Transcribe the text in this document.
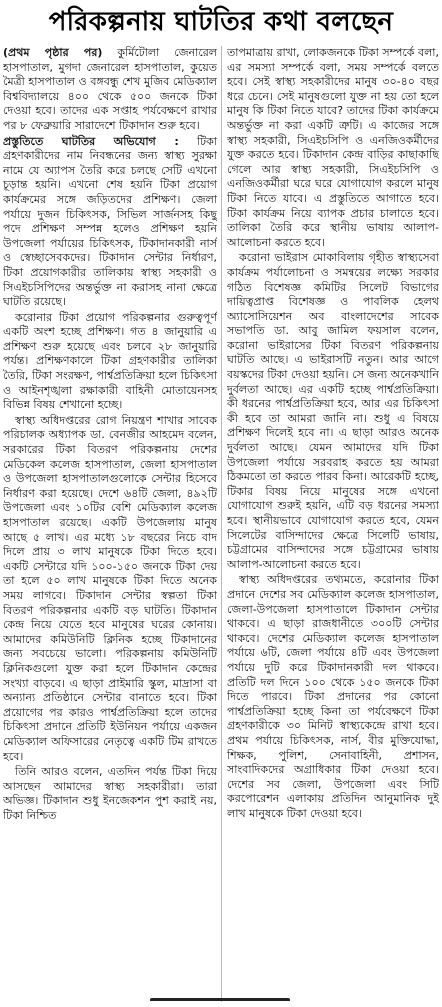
পরিকল্পনায় ঘাটতির কথা বলছেন

(প্রথম পৃষ্ঠার পর) কুর্মিটোলা জেনারেল হাসপাতাল, মুগদা জেনারেল হাসপাতাল, কুয়েত মৈত্রী হাসপাতাল ও বঙ্গবন্ধু শেখ মুজিব মেডিক্যাল বিশ্ববিদ্যালয়ে ৪০০ থেকে ৫০০ জনকে টিকা দেওয়া হবে। তাদের এক সপ্তাহ পর্যবেক্ষণে রাখার পর ৮ ফেব্রুয়ারি সারাদেশে টিকাদান শুরু হবে।

প্রস্তুতিতে ঘাটতির অভিযোগ : টিকা গ্রহণকারীদের নাম নিবন্ধনের জন্য স্বাস্থ্য সুরক্ষা নামে যে অ্যাপস তৈরি করে চলছে সেটি এখনো চূড়ান্ত হয়নি। এখনো শেষ হয়নি টিকা প্রয়োগ কার্যক্রমের সঙ্গে জড়িতদের প্রশিক্ষণ। জেলা পর্যায়ে দুজন চিকিৎসক, সিভিল সার্জনসহ কিছু পদে প্রশিক্ষণ সম্পন্ন হলেও প্রশিক্ষণ হয়নি উপজেলা পর্যায়ের চিকিৎসক, টিকাদানকারী নার্স ও স্বেচ্ছাসেবকদের। টিকাদান সেন্টার নির্ধারণ, টিকা প্রয়োগকারীর তালিকায় স্বাস্থ্য সহকারী ও সিএইচসিপিদের অন্তর্ভুক্ত না করাসহ নানা ক্ষেত্রে ঘাটতি রয়েছে।

করোনার টিকা প্রয়োগ পরিকল্পনার গুরুত্বপূর্ণ একটি অংশ হচ্ছে প্রশিক্ষণ। গত ৪ জানুয়ারি এ প্রশিক্ষণ শুরু হয়েছে এবং চলবে ২৮ জানুয়ারি পর্যন্ত। প্রশিক্ষণকালে টিকা গ্রহণকারীর তালিকা তৈরি, টিকা সংরক্ষণ, পার্শ্বপ্রতিক্রিয়া হলে চিকিৎসা ও আইনশৃঙ্খলা রক্ষাকারী বাহিনী মোতায়েনসহ বিভিন্ন বিষয় শেখানো হচ্ছে।

স্বাস্থ্য অধিদপ্তরের রোগ নিয়ন্ত্রণ শাখার সাবেক পরিচালক অধ্যাপক ডা. বেনজীর আহমেদ বলেন, সরকারের টিকা বিতরণ পরিকল্পনায় দেশের মেডিকেল কলেজ হাসপাতাল, জেলা হাসপাতাল ও উপজেলা হাসপাতালগুলোকে সেন্টার হিসেবে নির্ধারণ করা হয়েছে। দেশে ৬৪টি জেলা, ৪৯২টি উপজেলা এবং ১০টির বেশি মেডিক্যাল কলেজ হাসপাতাল রয়েছে। একটি উপজেলায় মানুষ আছে ৫ লাখ। এর মধ্যে ১৮ বছরের নিচে বাদ দিলে প্রায় ৩ লাখ মানুষকে টিকা দিতে হবে। একটি সেন্টারে যদি ১০০-১৫০ জনকে টিকা দেয় তা হলে ৫০ লাখ মানুষকে টিকা দিতে অনেক সময় লাগবে। টিকাদান সেন্টার স্বল্পতা টিকা বিতরণ পরিকল্পনার একটি বড় ঘাটতি। টিকাদান কেন্দ্র নিয়ে যেতে হবে মানুষের ঘরের কোনায়। আমাদের কমিউনিটি ক্লিনিক হচ্ছে টিকাদানের জন্য সবচেয়ে ভালো। পরিকল্পনায় কমিউনিটি ক্লিনিকগুলো যুক্ত করা হলে টিকাদান কেন্দ্রের সংখ্যা বাড়বে। এ ছাড়া প্রাইমারি স্কুল, মাদ্রাসা বা অন্যান্য প্রতিষ্ঠানে সেন্টার বানাতে হবে। টিকা প্রয়োগের পর কারও পার্শ্বপ্রতিক্রিয়া হলে তাদের চিকিৎসা প্রদানে প্রতিটি ইউনিয়ন পর্যায়ে একজন মেডিক্যাল অফিসারের নেতৃত্বে একটি টিম রাখতে হবে।

তিনি আরও বলেন, এতদিন পর্যন্ত টিকা দিয়ে আসছেন আমাদের স্বাস্থ্য সহকারীরা। তারা অভিজ্ঞ। টিকাদান শুধু ইনজেকশন পুশ করাই নয়, টিকা নিশ্চিত

তাপমাত্রায় রাখা, লোকজনকে টিকা সম্পর্কে বলা, এর সমস্যা সম্পর্কে বলা, সময় সম্পর্কে বলতে হবে। সেই স্বাস্থ্য সহকারীদের মানুষ ৩০-৪০ বছর ধরে চেনে। সেই মানুষগুলো যুক্ত না হয় তো হলে মানুষ কি টিকা নিতে যাবে? তাদের টিকা কার্যক্রমে অন্তর্ভুক্ত না করা একটি ত্রুটি। এ কাজের সঙ্গে স্বাস্থ্য সহকারী, সিএইচসিপি ও এনজিওকর্মীদের যুক্ত করতে হবে। টিকাদান কেন্দ্র বাড়ির কাছাকাছি গেলে আর স্বাস্থ্য সহকারী, সিএইচসিপি ও এনজিওকর্মীরা ঘরে ঘরে যোগাযোগ করলে মানুষ টিকা নিতে যাবে। এ প্রস্তুতিতে আগাতে হবে। টিকা কার্যক্রম নিয়ে ব্যাপক প্রচার চালাতে হবে। তালিকা তৈরি করে স্থানীয় ভাষায় আলাপ-আলোচনা করতে হবে।

করোনা ভাইরাস মোকাবিলায় গৃহীত স্বাস্থ্যসেবা কার্যক্রম পর্যালোচনা ও সমন্বয়ের লক্ষ্যে সরকার গঠিত বিশেষজ্ঞ কমিটির সিলেট বিভাগের দায়িত্বপ্রাপ্ত বিশেষজ্ঞ ও পাবলিক হেলথ অ্যাসোসিয়েশন অব বাংলাদেশের সাবেক সভাপতি ডা. আবু জামিল ফয়সাল বলেন, করোনা ভাইরাসের টিকা বিতরণ পরিকল্পনায় ঘাটতি আছে। এ ভাইরাসটি নতুন। আর আগে বয়স্কদের টিকা দেওয়া হয়নি। সে জন্য অনেকখানি দুর্বলতা আছে। এর একটি হচ্ছে পার্শ্বপ্রতিক্রিয়া। কী ধরনের পার্শ্বপ্রতিক্রিয়া হবে, আর এর চিকিৎসা কী হবে তা আমরা জানি না। শুধু এ বিষয়ে প্রশিক্ষণ দিলেই হবে না। এ ছাড়া আরও অনেক দুর্বলতা আছে। যেমন আমাদের যদি টিকা উপজেলা পর্যায়ে সরবরাহ করতে হয় আমরা ঠিকমতো তা করতে পারব কিনা। আরেকটি হচ্ছে, টিকার বিষয় নিয়ে মানুষের সঙ্গে এখনো যোগাযোগ শুরুই হয়নি, এটি বড় ধরনের সমস্যা হবে। স্থানীয়ভাবে যোগাযোগ করতে হবে, যেমন সিলেটের বাসিন্দাদের ক্ষেত্রে সিলেটি ভাষায়, চট্টগ্রামের বাসিন্দাদের সঙ্গে চট্টগ্রামের ভাষায় আলাপ-আলোচনা করতে হবে।

স্বাস্থ্য অধিদপ্তরের তথ্যমতে, করোনার টিকা প্রদানে দেশের সব মেডিক্যাল কলেজ হাসপাতাল, জেলা-উপজেলা হাসপাতালে টিকাদান সেন্টার থাকবে। এ ছাড়া রাজধানীতে ৩০০টি সেন্টার থাকবে। দেশের মেডিক্যাল কলেজ হাসপাতাল পর্যায়ে ৬টি, জেলা পর্যায়ে ৪টি এবং উপজেলা পর্যায়ে দুটি করে টিকাদানকারী দল থাকবে। প্রতিটি দল দিনে ১০০ থেকে ১৫০ জনকে টিকা দিতে পারবে। টিকা প্রদানের পর কোনো পার্শ্বপ্রতিক্রিয়া হচ্ছে কিনা তা পর্যবেক্ষণে টিকা গ্রহণকারীকে ৩০ মিনিট স্বাস্থ্যকেন্দ্রে রাখা হবে। প্রথম পর্যায়ে চিকিৎসক, নার্স, বীর মুক্তিযোদ্ধা, শিক্ষক, পুলিশ, সেনাবাহিনী, প্রশাসন, সাংবাদিকদের অগ্রাধিকার টিকা দেওয়া হবে। দেশের সব জেলা, উপজেলা এবং সিটি করপোরেশন এলাকায় প্রতিদিন আনুমানিক দুই লাখ মানুষকে টিকা দেওয়া হবে।
